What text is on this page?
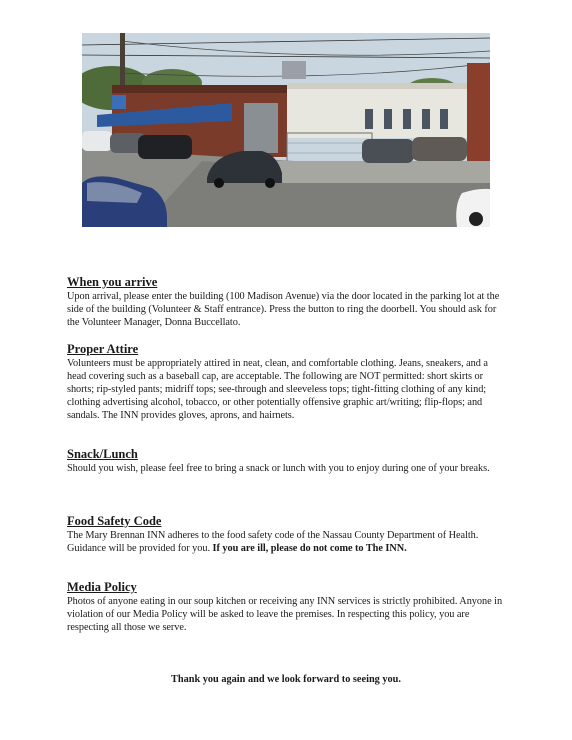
When you arrive

Upon arrival, please enter the building (100 Madison Avenue) via the door located in the parking lot at the side of the building (Volunteer & Staff entrance). Press the button to ring the doorbell. You should ask for the Volunteer Manager, Donna Buccellato.

Proper Attire

Volunteers must be appropriately attired in neat, clean, and comfortable clothing. Jeans, sneakers, and a head covering such as a baseball cap, are acceptable. The following are NOT permitted: short skirts or shorts; rip-styled pants; midriff tops; see-through and sleeveless tops; tight-fitting clothing of any kind; clothing advertising alcohol, tobacco, or other potentially offensive graphic art/writing; flip-flops; and sandals. The INN provides gloves, aprons, and hairnets.

Snack/Lunch

Should you wish, please feel free to bring a snack or lunch with you to enjoy during one of your breaks.

Food Safety Code

The Mary Brennan INN adheres to the food safety code of the Nassau County Department of Health. Guidance will be provided for you. If you are ill, please do not come to The INN.

Media Policy

Photos of anyone eating in our soup kitchen or receiving any INN services is strictly prohibited. Anyone in violation of our Media Policy will be asked to leave the premises. In respecting this policy, you are respecting all those we serve.

Thank you again and we look forward to seeing you.
